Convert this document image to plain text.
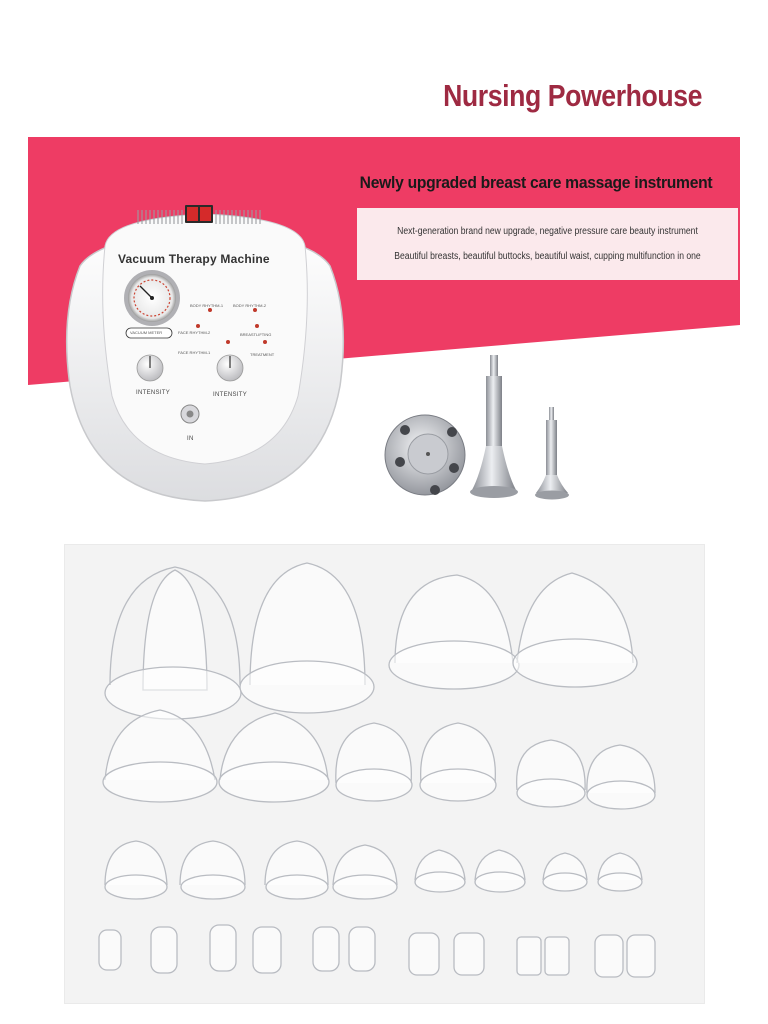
Nursing Powerhouse
Newly upgraded breast care massage instrument
Next-generation brand new upgrade, negative pressure care beauty instrument
Beautiful breasts, beautiful buttocks, beautiful waist, cupping multifunction in one
Vacuum Therapy Machine
VACUUM METER
BODY RHYTHM-1 BODY RHYTHM-2
FACE RHYTHM-2	BREASTLIFTING
FACE RHYTHM-1	TREATMENT
INTENSITY	INTENSITY
IN
